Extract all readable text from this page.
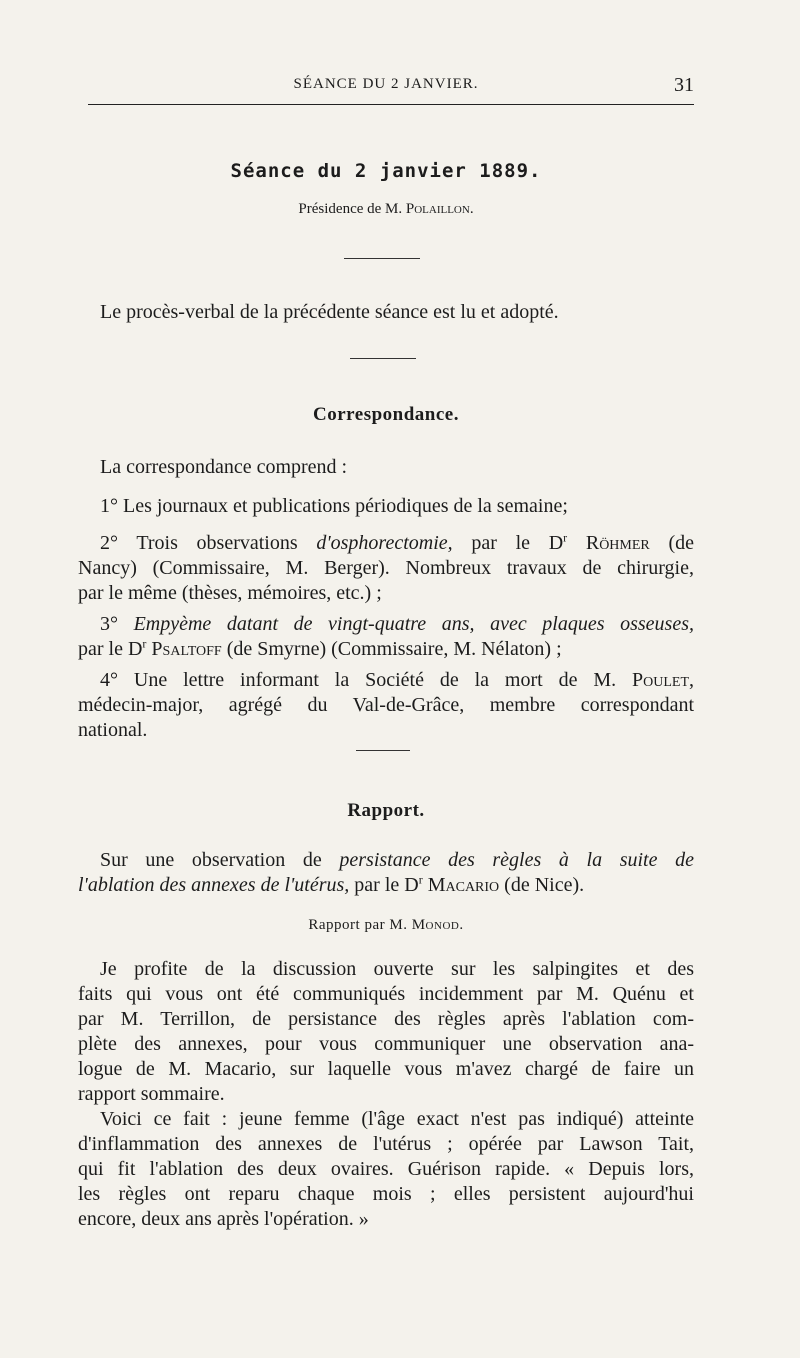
SÉANCE DU 2 JANVIER.	31
Séance du 2 janvier 1889.
Présidence de M. Polaillon.
Le procès-verbal de la précédente séance est lu et adopté.
Correspondance.
La correspondance comprend :
1° Les journaux et publications périodiques de la semaine;
2° Trois observations d'osphorectomie, par le $D^r$ Röhmer (de
Nancy) (Commissaire, M. Berger). Nombreux travaux de chirurgie,
par le même (thèses, mémoires, etc.) ;
3° Empyème datant de vingt-quatre ans, avec plaques osseuses,
par le $D^r$ Psaltoff (de Smyrne) (Commissaire, M. Nélaton) ;
4° Une lettre informant la Société de la mort de M. Poulet,
médecin-major, agrégé du Val-de-Grâce, membre correspondant
national.
Rapport.
Sur une observation de persistance des règles à la suite de
l'ablation des annexes de l'utérus, par le $D^r$ Macario (de Nice).
Rapport par M. Monod.
Je profite de la discussion ouverte sur les salpingites et des
faits qui vous ont été communiqués incidemment par M. Quénu et
par M. Terrillon, de persistance des règles après l'ablation com-
plète des annexes, pour vous communiquer une observation ana-
logue de M. Macario, sur laquelle vous m'avez chargé de faire un
rapport sommaire.
Voici ce fait : jeune femme (l'âge exact n'est pas indiqué) atteinte
d'inflammation des annexes de l'utérus ; opérée par Lawson Tait,
qui fit l'ablation des deux ovaires. Guérison rapide. « Depuis lors,
les règles ont reparu chaque mois ; elles persistent aujourd'hui
encore, deux ans après l'opération. »
